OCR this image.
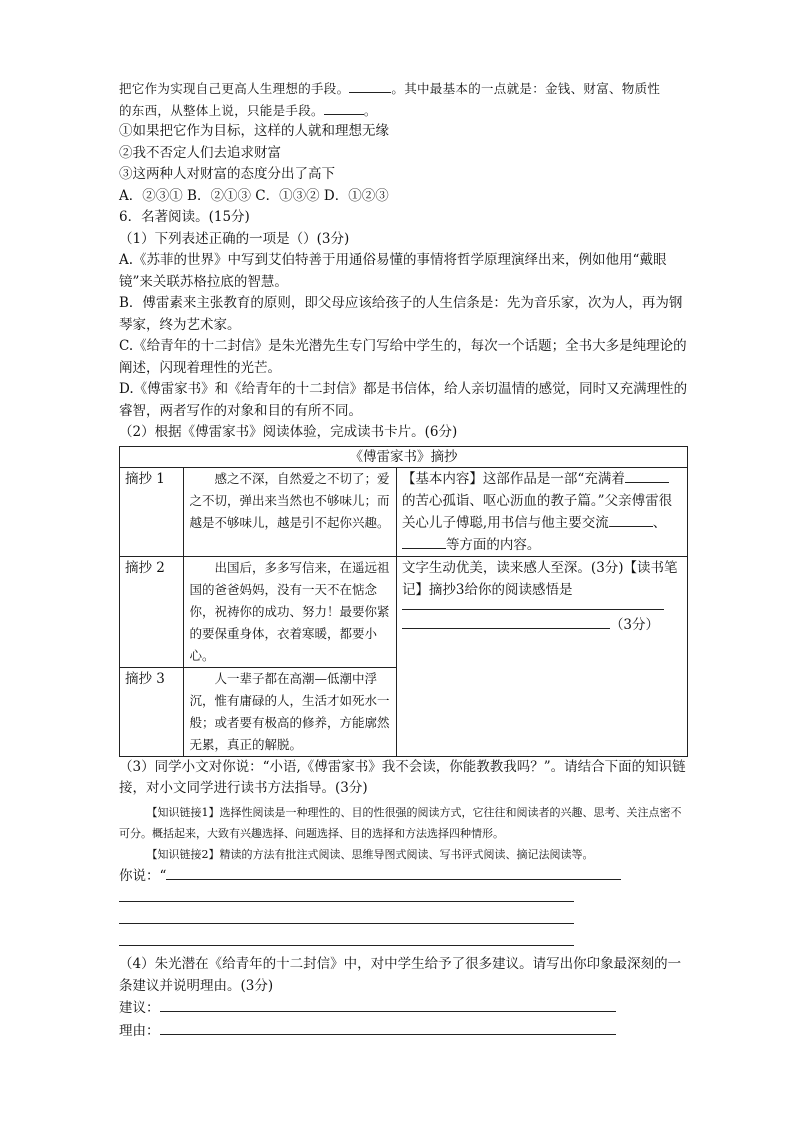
把它作为实现自己更高人生理想的手段。	。其中最基本的一点就是：金钱、财富、物质性

的东西，从整体上说，只能是手段。	。

①如果把它作为目标，这样的人就和理想无缘

②我不否定人们去追求财富

③这两种人对财富的态度分出了高下

A．②③① B．②①③ C．①③② D．①②③

6．名著阅读。(15分)

（1）下列表述正确的一项是（）(3分)

A.《苏菲的世界》中写到艾伯特善于用通俗易懂的事情将哲学原理演绎出来，例如他用“戴眼镜”来关联苏格拉底的智慧。

B．傅雷素来主张教育的原则，即父母应该给孩子的人生信条是：先为音乐家，次为人，再为钢琴家，终为艺术家。

C.《给青年的十二封信》是朱光潜先生专门写给中学生的，每次一个话题；全书大多是纯理论的阐述，闪现着理性的光芒。

D.《傅雷家书》和《给青年的十二封信》都是书信体，给人亲切温情的感觉，同时又充满理性的睿智，两者写作的对象和目的有所不同。

（2）根据《傅雷家书》阅读体验，完成读书卡片。(6分)

《傅雷家书》摘抄		
摘抄 1	感之不深，自然爱之不切了；爱之不切，弹出来当然也不够味儿；而越是不够味儿，越是引不起你兴趣。	【基本内容】这部作品是一部“充满着的苦心孤诣、呕心沥血的教子篇。”父亲傅雷很关心儿子傅聪,用书信与他主要交流 、
等方面的内容。
摘抄 2	出国后，多多写信来，在遥远祖国的爸爸妈妈，没有一天不在惦念你，祝祷你的成功、努力！最要你紧的要保重身体，衣着寒暖，都要小心。	文字生动优美，读来感人至深。(3分)【读书笔记】摘抄3给你的阅读感悟是
（3分）

摘抄 3	人一辈子都在高潮—低潮中浮沉，惟有庸碌的人，生活才如死水一般；或者要有极高的修养，方能廓然无累，真正的解脱。	

（3）同学小文对你说：“小语,《傅雷家书》我不会读，你能教教我吗？”。请结合下面的知识链接，对小文同学进行读书方法指导。(3分)

【知识链接1】选择性阅读是一种理性的、目的性很强的阅读方式，它往往和阅读者的兴趣、思考、关注点密不可分。概括起来，大致有兴趣选择、问题选择、目的选择和方法选择四种情形。

【知识链接2】精读的方法有批注式阅读、思维导图式阅读、写书评式阅读、摘记法阅读等。

你说：“

（4）朱光潜在《给青年的十二封信》中，对中学生给予了很多建议。请写出你印象最深刻的一条建议并说明理由。(3分)

建议：

理由：
